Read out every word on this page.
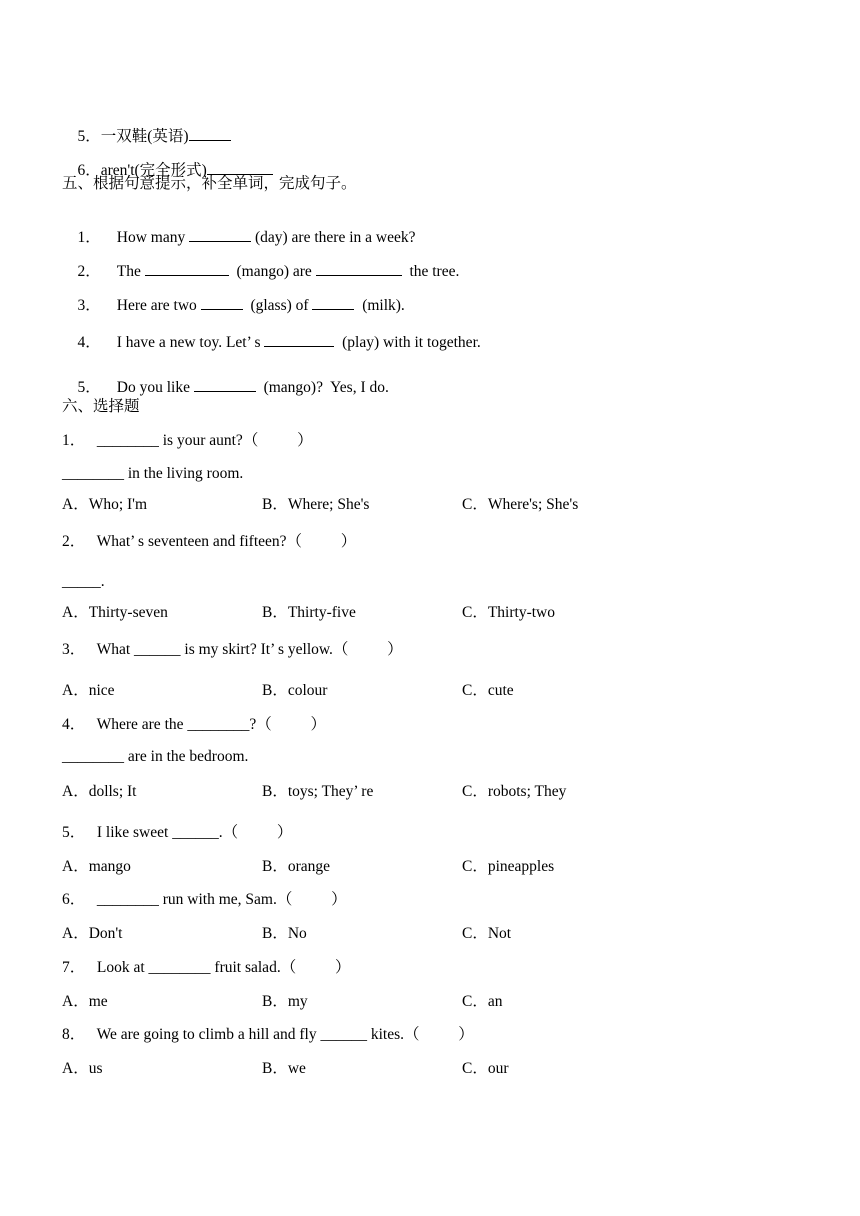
5．一双鞋(英语)

6．aren't(完全形式)

五、根据句意提示，补全单词，完成句子。

1． How many	(day) are there in a week?

2． The	(mango) are	the tree.

3． Here are two	(glass) of	(milk).

4． I have a new toy. Let’ s	(play) with it together.

5． Do you like	(mango)?  Yes, I do.

六、选择题
1．   ________ is your aunt?（          ）
________ in the living room.
A．Who; I'm	B．Where; She's	C．Where's; She's
2．   What’ s seventeen and fifteen?（          ）
_____.
A．Thirty-seven	B．Thirty-five	C．Thirty-two
3．   What ______ is my skirt? It’ s yellow.（          ）
A．nice	B．colour	C．cute
4．   Where are the ________?（          ）
________ are in the bedroom.
A．dolls; It	B．toys; They’ re	C．robots; They
5．   I like sweet ______.（          ）
A．mango	B．orange	C．pineapples
6．   ________ run with me, Sam.（          ）
A．Don't	B．No	C．Not
7．   Look at ________ fruit salad.（          ）
A．me	B．my	C．an
8．   We are going to climb a hill and fly ______ kites.（          ）
A．us	B．we	C．our
